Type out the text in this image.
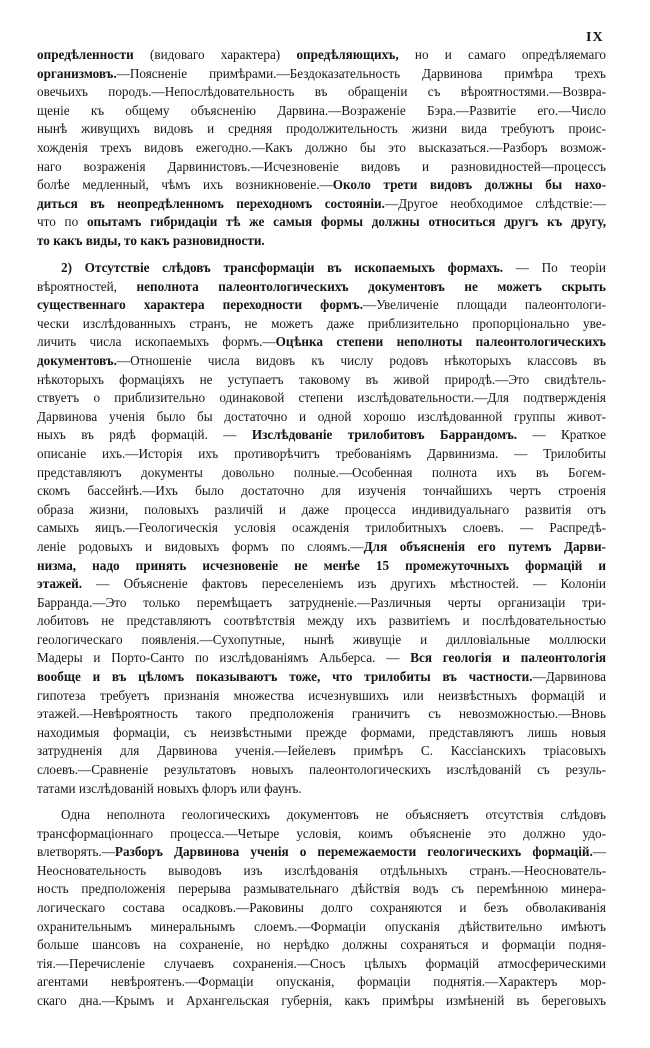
IX
опредѣленности (видоваго характера) опредѣляющихъ, но и самаго опредѣляемаго
организмовъ.—Поясненіе примѣрами.—Бездоказательность Дарвинова примѣра трехъ
овечьихъ породъ.—Непослѣдовательность въ обращеніи съ вѣроятностями.—Возвра-
щеніе къ общему объясненію Дарвина.—Возраженіе Бэра.—Развитіе его.—Число
нынѣ живущихъ видовъ и средняя продолжительность жизни вида требуютъ проис-
хожденія трехъ видовъ ежегодно.—Какъ должно бы это высказаться.—Разборъ возмож-
наго возраженія Дарвинистовъ.—Исчезновеніе видовъ и разновидностей—процессъ
болѣе медленный, чѣмъ ихъ возникновеніе.—Около трети видовъ должны бы нахо-
диться въ неопредѣленномъ переходномъ состояніи.—Другое необходимое слѣдствіе:—
что по опытамъ гибридаціи тѣ же самыя формы должны относиться другъ къ другу,
то какъ виды, то какъ разновидности.
2) Отсутствіе слѣдовъ трансформаціи въ ископаемыхъ формахъ. — По теоріи
вѣроятностей, неполнота палеонтологическихъ документовъ не можетъ скрыть
существеннаго характера переходности формъ.—Увеличеніе площади палеонтологи-
чески изслѣдованныхъ странъ, не можетъ даже приблизительно пропорціонально уве-
личить числа ископаемыхъ формъ.—Оцѣнка степени неполноты палеонтологическихъ
документовъ.—Отношеніе числа видовъ къ числу родовъ нѣкоторыхъ классовъ въ
нѣкоторыхъ формаціяхъ не уступаетъ таковому въ живой природѣ.—Это свидѣтель-
ствуетъ о приблизительно одинаковой степени изслѣдовательности.—Для подтвержденія
Дарвинова ученія было бы достаточно и одной хорошо изслѣдованной группы живот-
ныхъ въ рядѣ формацій. — Изслѣдованіе трилобитовъ Баррандомъ. — Краткое
описаніе ихъ.—Исторія ихъ противорѣчитъ требованіямъ Дарвинизма. — Трилобиты
представляютъ документы довольно полные.—Особенная полнота ихъ въ Богем-
скомъ бассейнѣ.—Ихъ было достаточно для изученія тончайшихъ чертъ строенія
образа жизни, половыхъ различій и даже процесса индивидуальнаго развитія отъ
самыхъ яицъ.—Геологическія условія осажденія трилобитныхъ слоевъ. — Распредѣ-
леніе родовыхъ и видовыхъ формъ по слоямъ.—Для объясненія его путемъ Дарви-
низма, надо принять исчезновеніе не менѣе 15 промежуточныхъ формацій и
этажей. — Объясненіе фактовъ переселеніемъ изъ другихъ мѣстностей. — Колоніи
Барранда.—Это только перемѣщаетъ затрудненіе.—Различныя черты организаціи три-
лобитовъ не представляютъ соотвѣтствія между ихъ развитіемъ и послѣдовательностью
геологическаго появленія.—Сухопутные, нынѣ живущіе и дилловіальные моллюски
Мадеры и Порто-Санто по изслѣдованіямъ Альберса. — Вся геологія и палеонтологія
вообще и въ цѣломъ показываютъ тоже, что трилобиты въ частности.—Дарвинова
гипотеза требуетъ признанія множества исчезнувшихъ или неизвѣстныхъ формацій и
этажей.—Невѣроятность такого предположенія граничитъ съ невозможностью.—Вновь
находимыя формаціи, съ неизвѣстными прежде формами, представляютъ лишь новыя
затрудненія для Дарвинова ученія.—Іейелевъ примѣръ С. Кассіанскихъ тріасовыхъ
слоевъ.—Сравненіе результатовъ новыхъ палеонтологическихъ изслѣдованій съ резуль-
татами изслѣдованій новыхъ флоръ или фаунъ.
Одна неполнота геологическихъ документовъ не объясняетъ отсутствія слѣдовъ
трансформаціоннаго процесса.—Четыре условія, коимъ объясненіе это должно удо-
влетворять.—Разборъ Дарвинова ученія о перемежаемости геологическихъ формацій.—
Неосновательность выводовъ изъ изслѣдованія отдѣльныхъ странъ.—Неоснователь-
ность предположенія перерыва размывательнаго дѣйствія водъ съ перемѣнною минера-
логическаго состава осадковъ.—Раковины долго сохраняются и безъ обволакиванія
охранительнымъ минеральнымъ слоемъ.—Формаціи опусканія дѣйствительно имѣютъ
больше шансовъ на сохраненіе, но нерѣдко должны сохраняться и формаціи подня-
тія.—Перечисленіе случаевъ сохраненія.—Сносъ цѣлыхъ формацій атмосферическими
агентами невѣроятенъ.—Формаціи опусканія, формаціи поднятія.—Характеръ мор-
скаго дна.—Крымъ и Архангельская губернія, какъ примѣры измѣненій въ береговыхъ
